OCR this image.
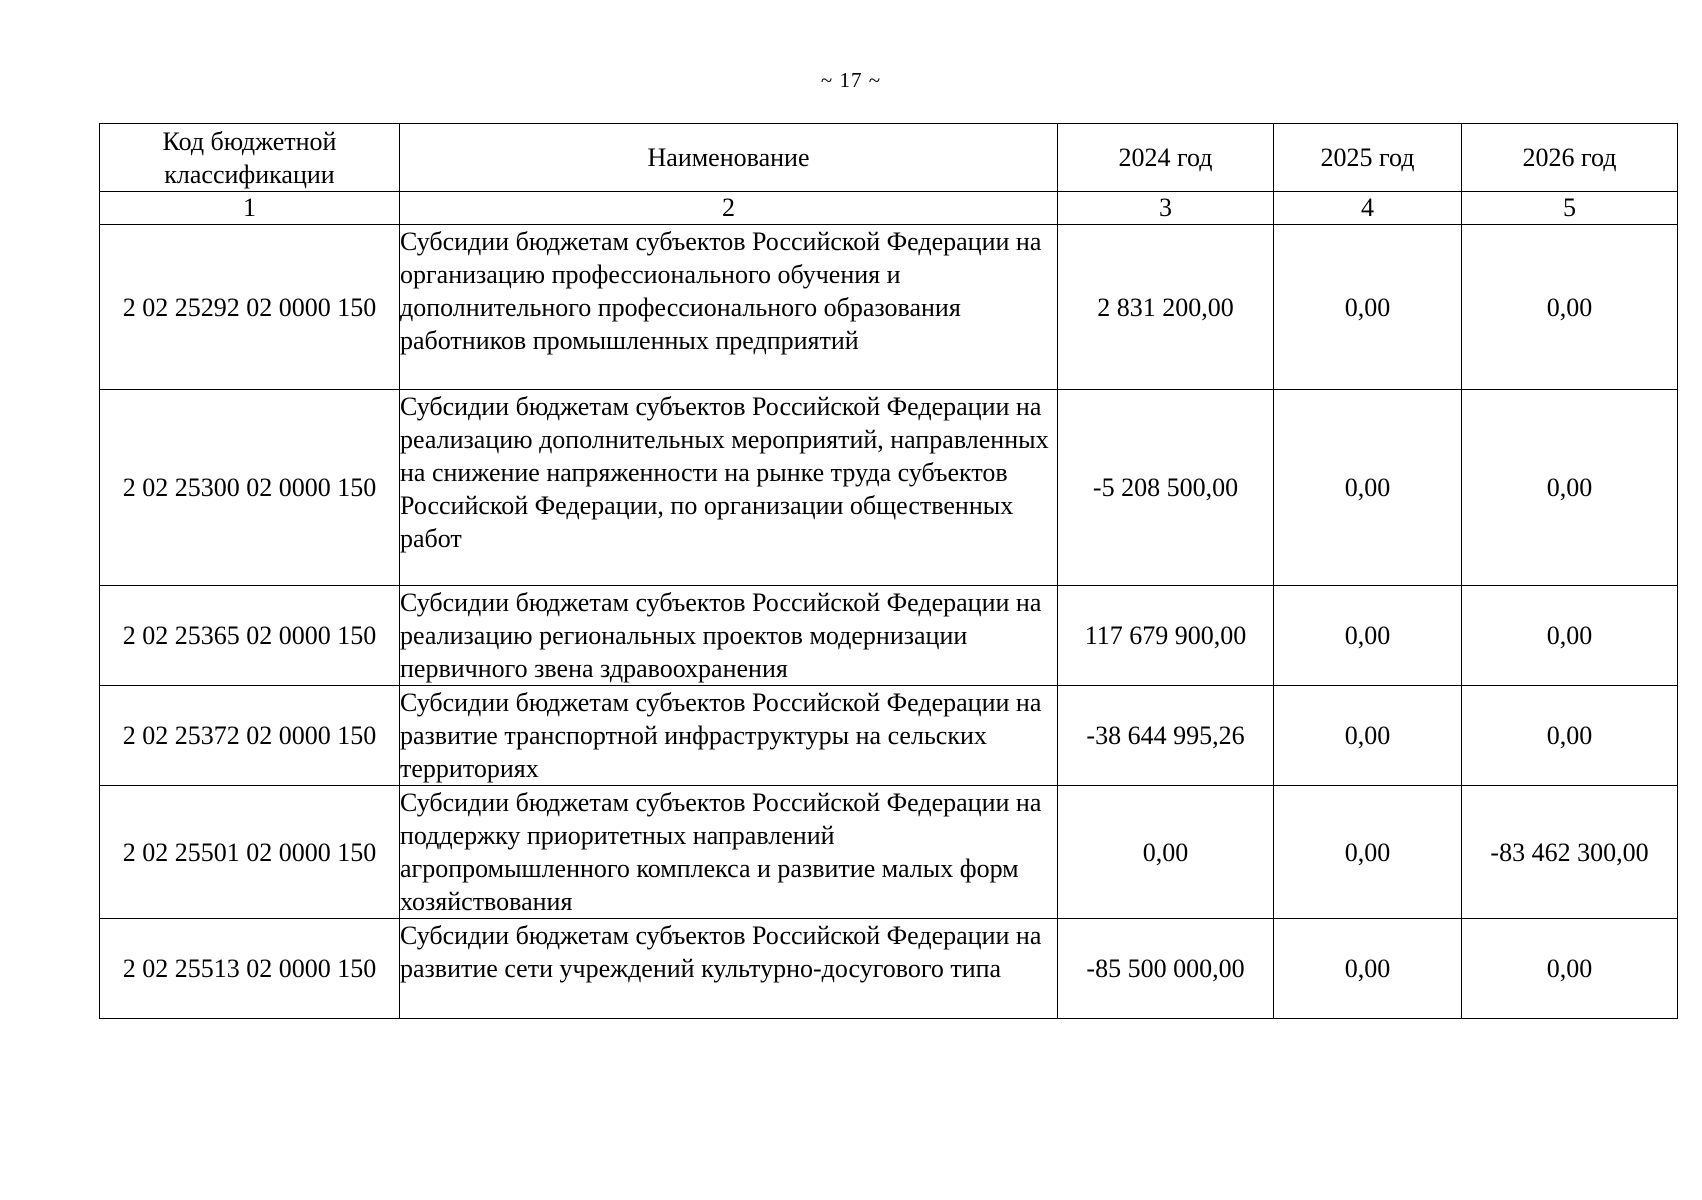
~ 17 ~
Код бюджетной классификации	Наименование	2024 год	2025 год	2026 год
1	2	3	4	5
2 02 25292 02 0000 150	Субсидии бюджетам субъектов Российской Федерации на организацию профессионального обучения и дополнительного профессионального образования работников промышленных предприятий	2 831 200,00	0,00	0,00
2 02 25300 02 0000 150	Субсидии бюджетам субъектов Российской Федерации на реализацию дополнительных мероприятий, направленных на снижение напряженности на рынке труда субъектов Российской Федерации, по организации общественных работ	-5 208 500,00	0,00	0,00
2 02 25365 02 0000 150	Субсидии бюджетам субъектов Российской Федерации на реализацию региональных проектов модернизации первичного звена здравоохранения	117 679 900,00	0,00	0,00
2 02 25372 02 0000 150	Субсидии бюджетам субъектов Российской Федерации на развитие транспортной инфраструктуры на сельских территориях	-38 644 995,26	0,00	0,00
2 02 25501 02 0000 150	Субсидии бюджетам субъектов Российской Федерации на поддержку приоритетных направлений агропромышленного комплекса и развитие малых форм хозяйствования	0,00	0,00	-83 462 300,00
2 02 25513 02 0000 150	Субсидии бюджетам субъектов Российской Федерации на развитие сети учреждений культурно-досугового типа	-85 500 000,00	0,00	0,00
